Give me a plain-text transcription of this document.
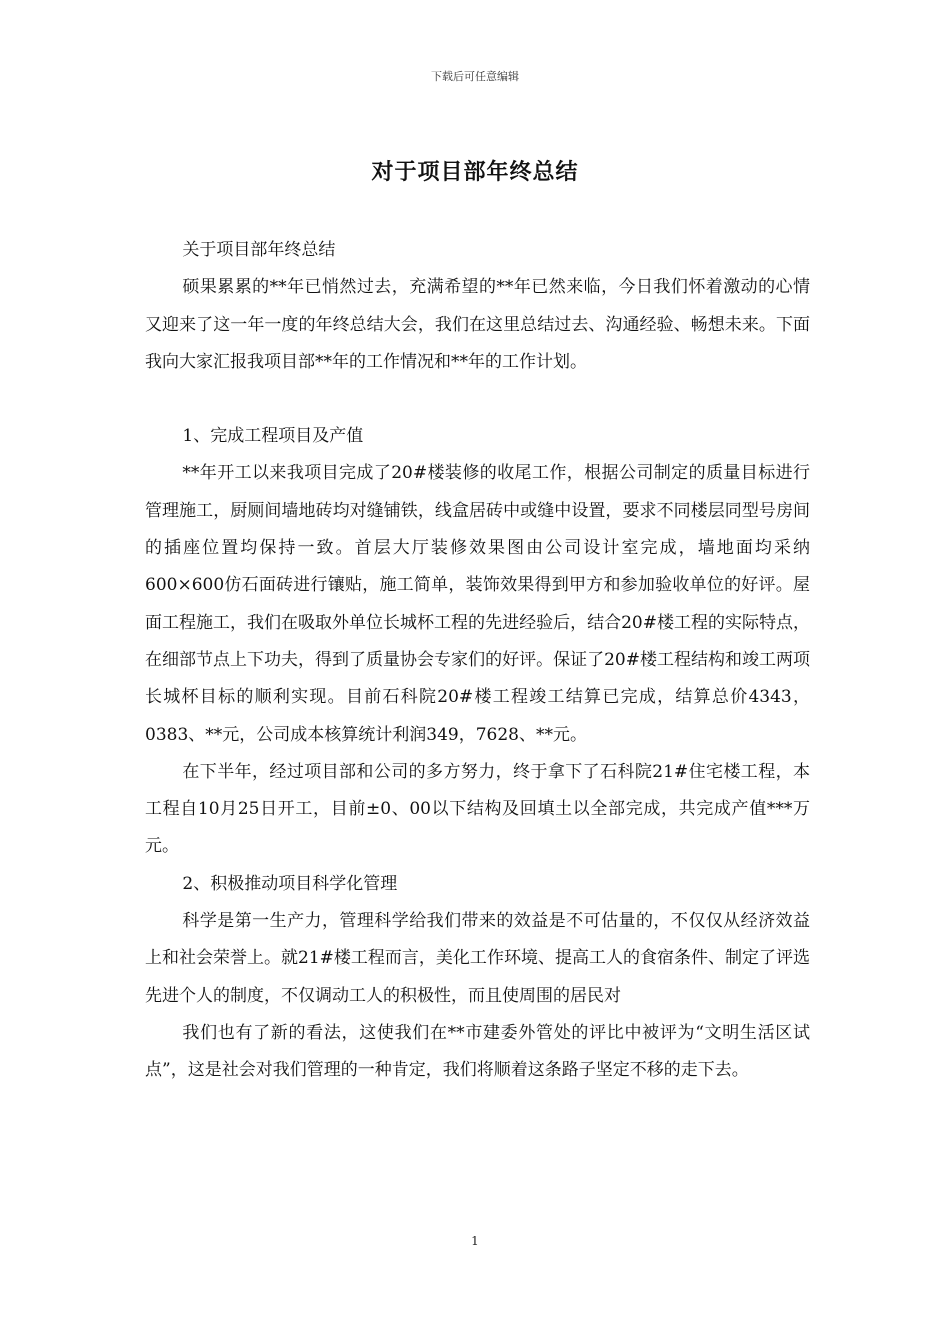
下载后可任意编辑
对于项目部年终总结

关于项目部年终总结

硕果累累的**年已悄然过去，充满希望的**年已然来临，今日我们怀着激动的心情又迎来了这一年一度的年终总结大会，我们在这里总结过去、沟通经验、畅想未来。下面我向大家汇报我项目部**年的工作情况和**年的工作计划。

1、完成工程项目及产值

**年开工以来我项目完成了20#楼装修的收尾工作，根据公司制定的质量目标进行管理施工，厨厕间墙地砖均对缝铺铁，线盒居砖中或缝中设置，要求不同楼层同型号房间的插座位置均保持一致。首层大厅装修效果图由公司设计室完成，墙地面均采纳600×600仿石面砖进行镶贴，施工简单，装饰效果得到甲方和参加验收单位的好评。屋面工程施工，我们在吸取外单位长城杯工程的先进经验后，结合20#楼工程的实际特点，在细部节点上下功夫，得到了质量协会专家们的好评。保证了20#楼工程结构和竣工两项长城杯目标的顺利实现。目前石科院20#楼工程竣工结算已完成，结算总价4343，0383、**元，公司成本核算统计利润349，7628、**元。

在下半年，经过项目部和公司的多方努力，终于拿下了石科院21#住宅楼工程，本工程自10月25日开工，目前±0、00以下结构及回填土以全部完成，共完成产值***万元。

2、积极推动项目科学化管理

科学是第一生产力，管理科学给我们带来的效益是不可估量的，不仅仅从经济效益上和社会荣誉上。就21#楼工程而言，美化工作环境、提高工人的食宿条件、制定了评选先进个人的制度，不仅调动工人的积极性，而且使周围的居民对

我们也有了新的看法，这使我们在**市建委外管处的评比中被评为“文明生活区试点”，这是社会对我们管理的一种肯定，我们将顺着这条路子坚定不移的走下去。

1
